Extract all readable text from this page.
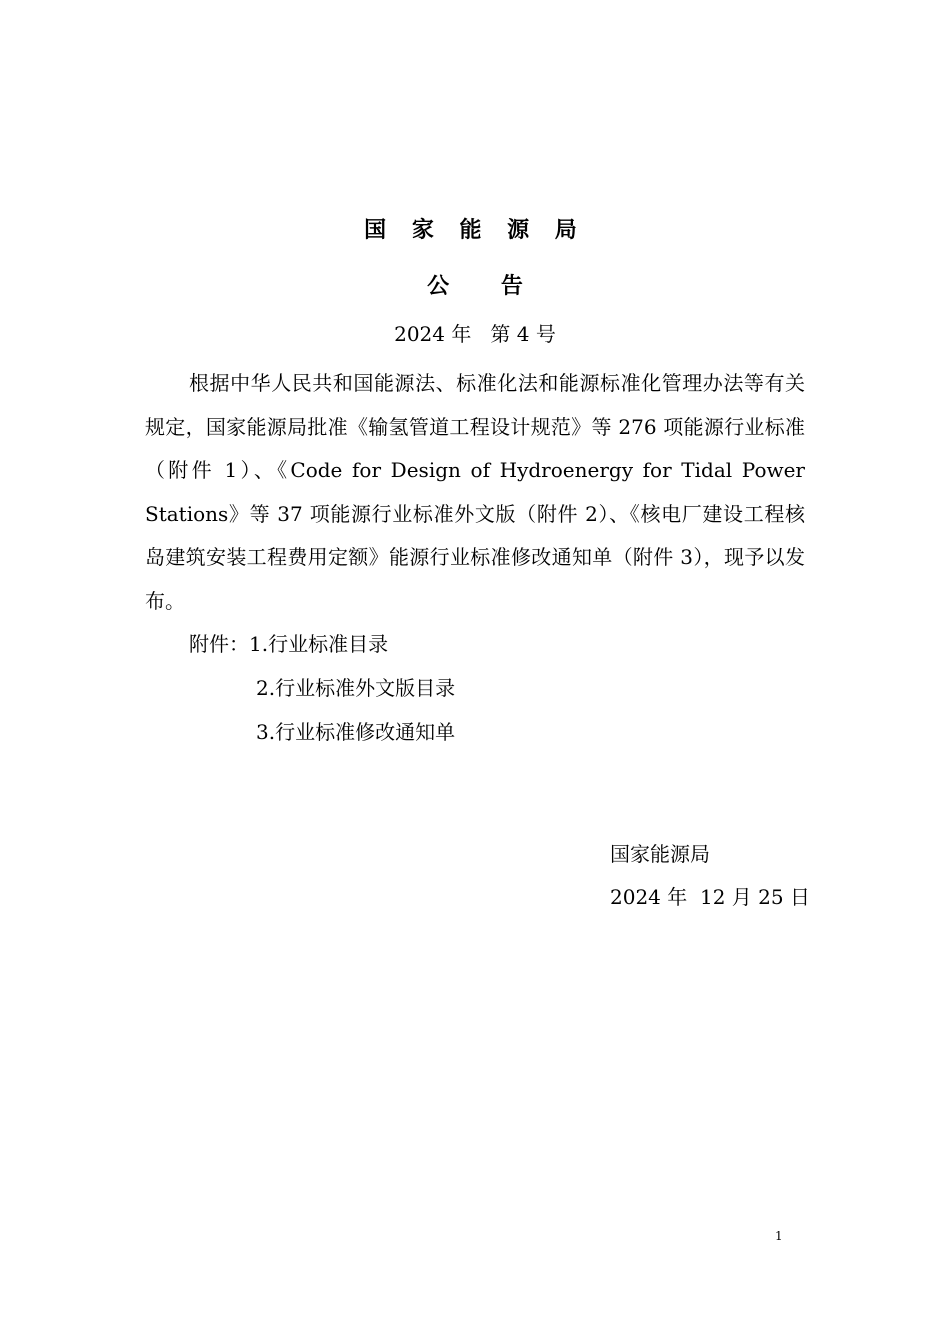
国 家 能 源 局
公 告
2024 年   第 4 号

根据中华人民共和国能源法、标准化法和能源标准化管理办法等有关规定，国家能源局批准《输氢管道工程设计规范》等 276 项能源行业标准（附件 1）、《Code for Design of Hydroenergy for Tidal Power Stations》等 37 项能源行业标准外文版（附件 2）、《核电厂建设工程核岛建筑安装工程费用定额》能源行业标准修改通知单（附件 3），现予以发布。

附件：1.行业标准目录
2.行业标准外文版目录
3.行业标准修改通知单
国家能源局
2024 年  12 月 25 日
1
